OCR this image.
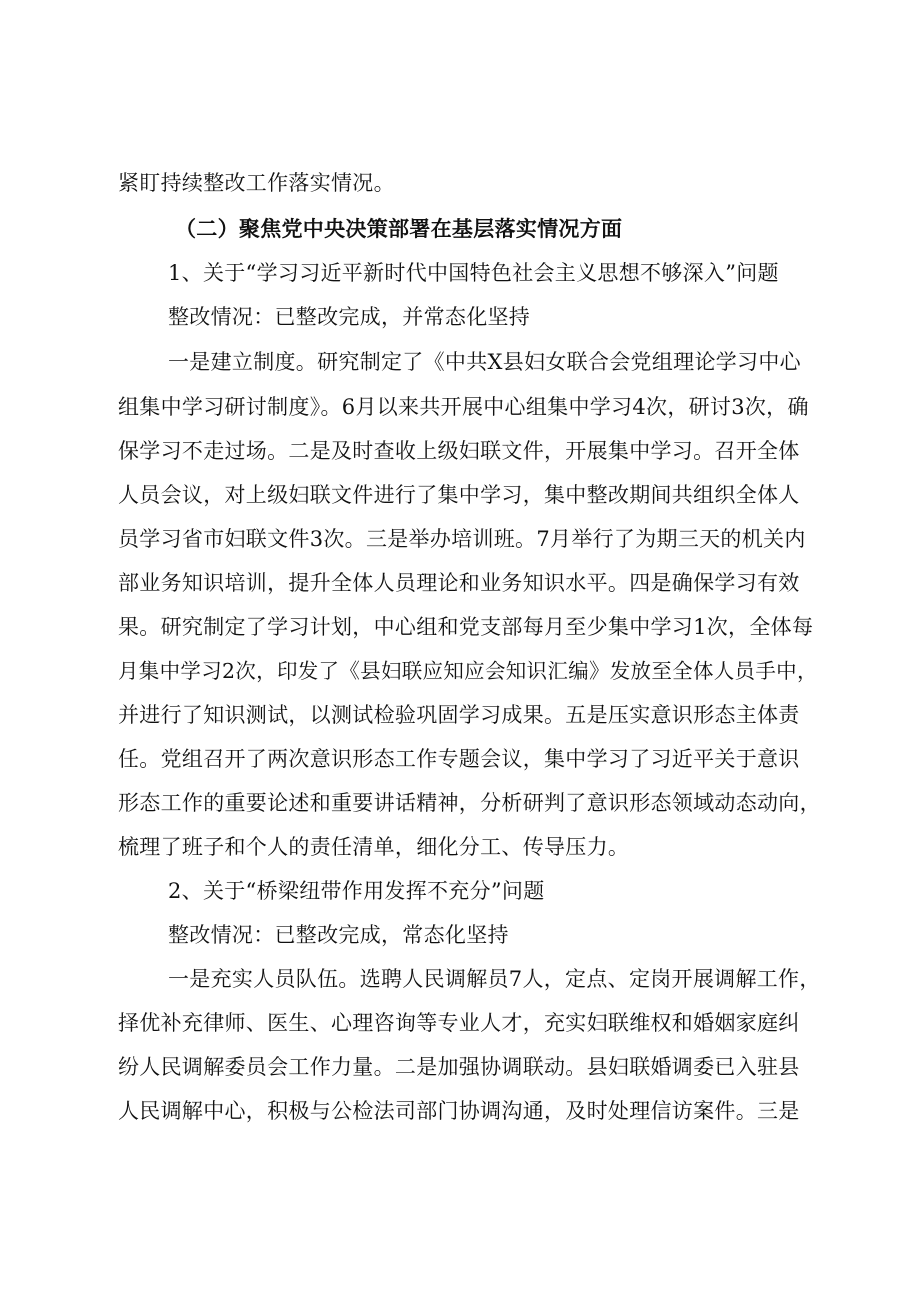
紧盯持续整改工作落实情况。
（二）聚焦党中央决策部署在基层落实情况方面
1、关于“学习习近平新时代中国特色社会主义思想不够深入”问题
整改情况：已整改完成，并常态化坚持
一是建立制度。研究制定了《中共X县妇女联合会党组理论学习中心
组集中学习研讨制度》。6月以来共开展中心组集中学习4次，研讨3次，确
保学习不走过场。二是及时查收上级妇联文件，开展集中学习。召开全体
人员会议，对上级妇联文件进行了集中学习，集中整改期间共组织全体人
员学习省市妇联文件3次。三是举办培训班。7月举行了为期三天的机关内
部业务知识培训，提升全体人员理论和业务知识水平。四是确保学习有效
果。研究制定了学习计划，中心组和党支部每月至少集中学习1次，全体每
月集中学习2次，印发了《县妇联应知应会知识汇编》发放至全体人员手中，
并进行了知识测试，以测试检验巩固学习成果。五是压实意识形态主体责
任。党组召开了两次意识形态工作专题会议，集中学习了习近平关于意识
形态工作的重要论述和重要讲话精神，分析研判了意识形态领域动态动向，
梳理了班子和个人的责任清单，细化分工、传导压力。
2、关于“桥梁纽带作用发挥不充分”问题
整改情况：已整改完成，常态化坚持
一是充实人员队伍。选聘人民调解员7人，定点、定岗开展调解工作，
择优补充律师、医生、心理咨询等专业人才，充实妇联维权和婚姻家庭纠
纷人民调解委员会工作力量。二是加强协调联动。县妇联婚调委已入驻县
人民调解中心，积极与公检法司部门协调沟通，及时处理信访案件。三是
